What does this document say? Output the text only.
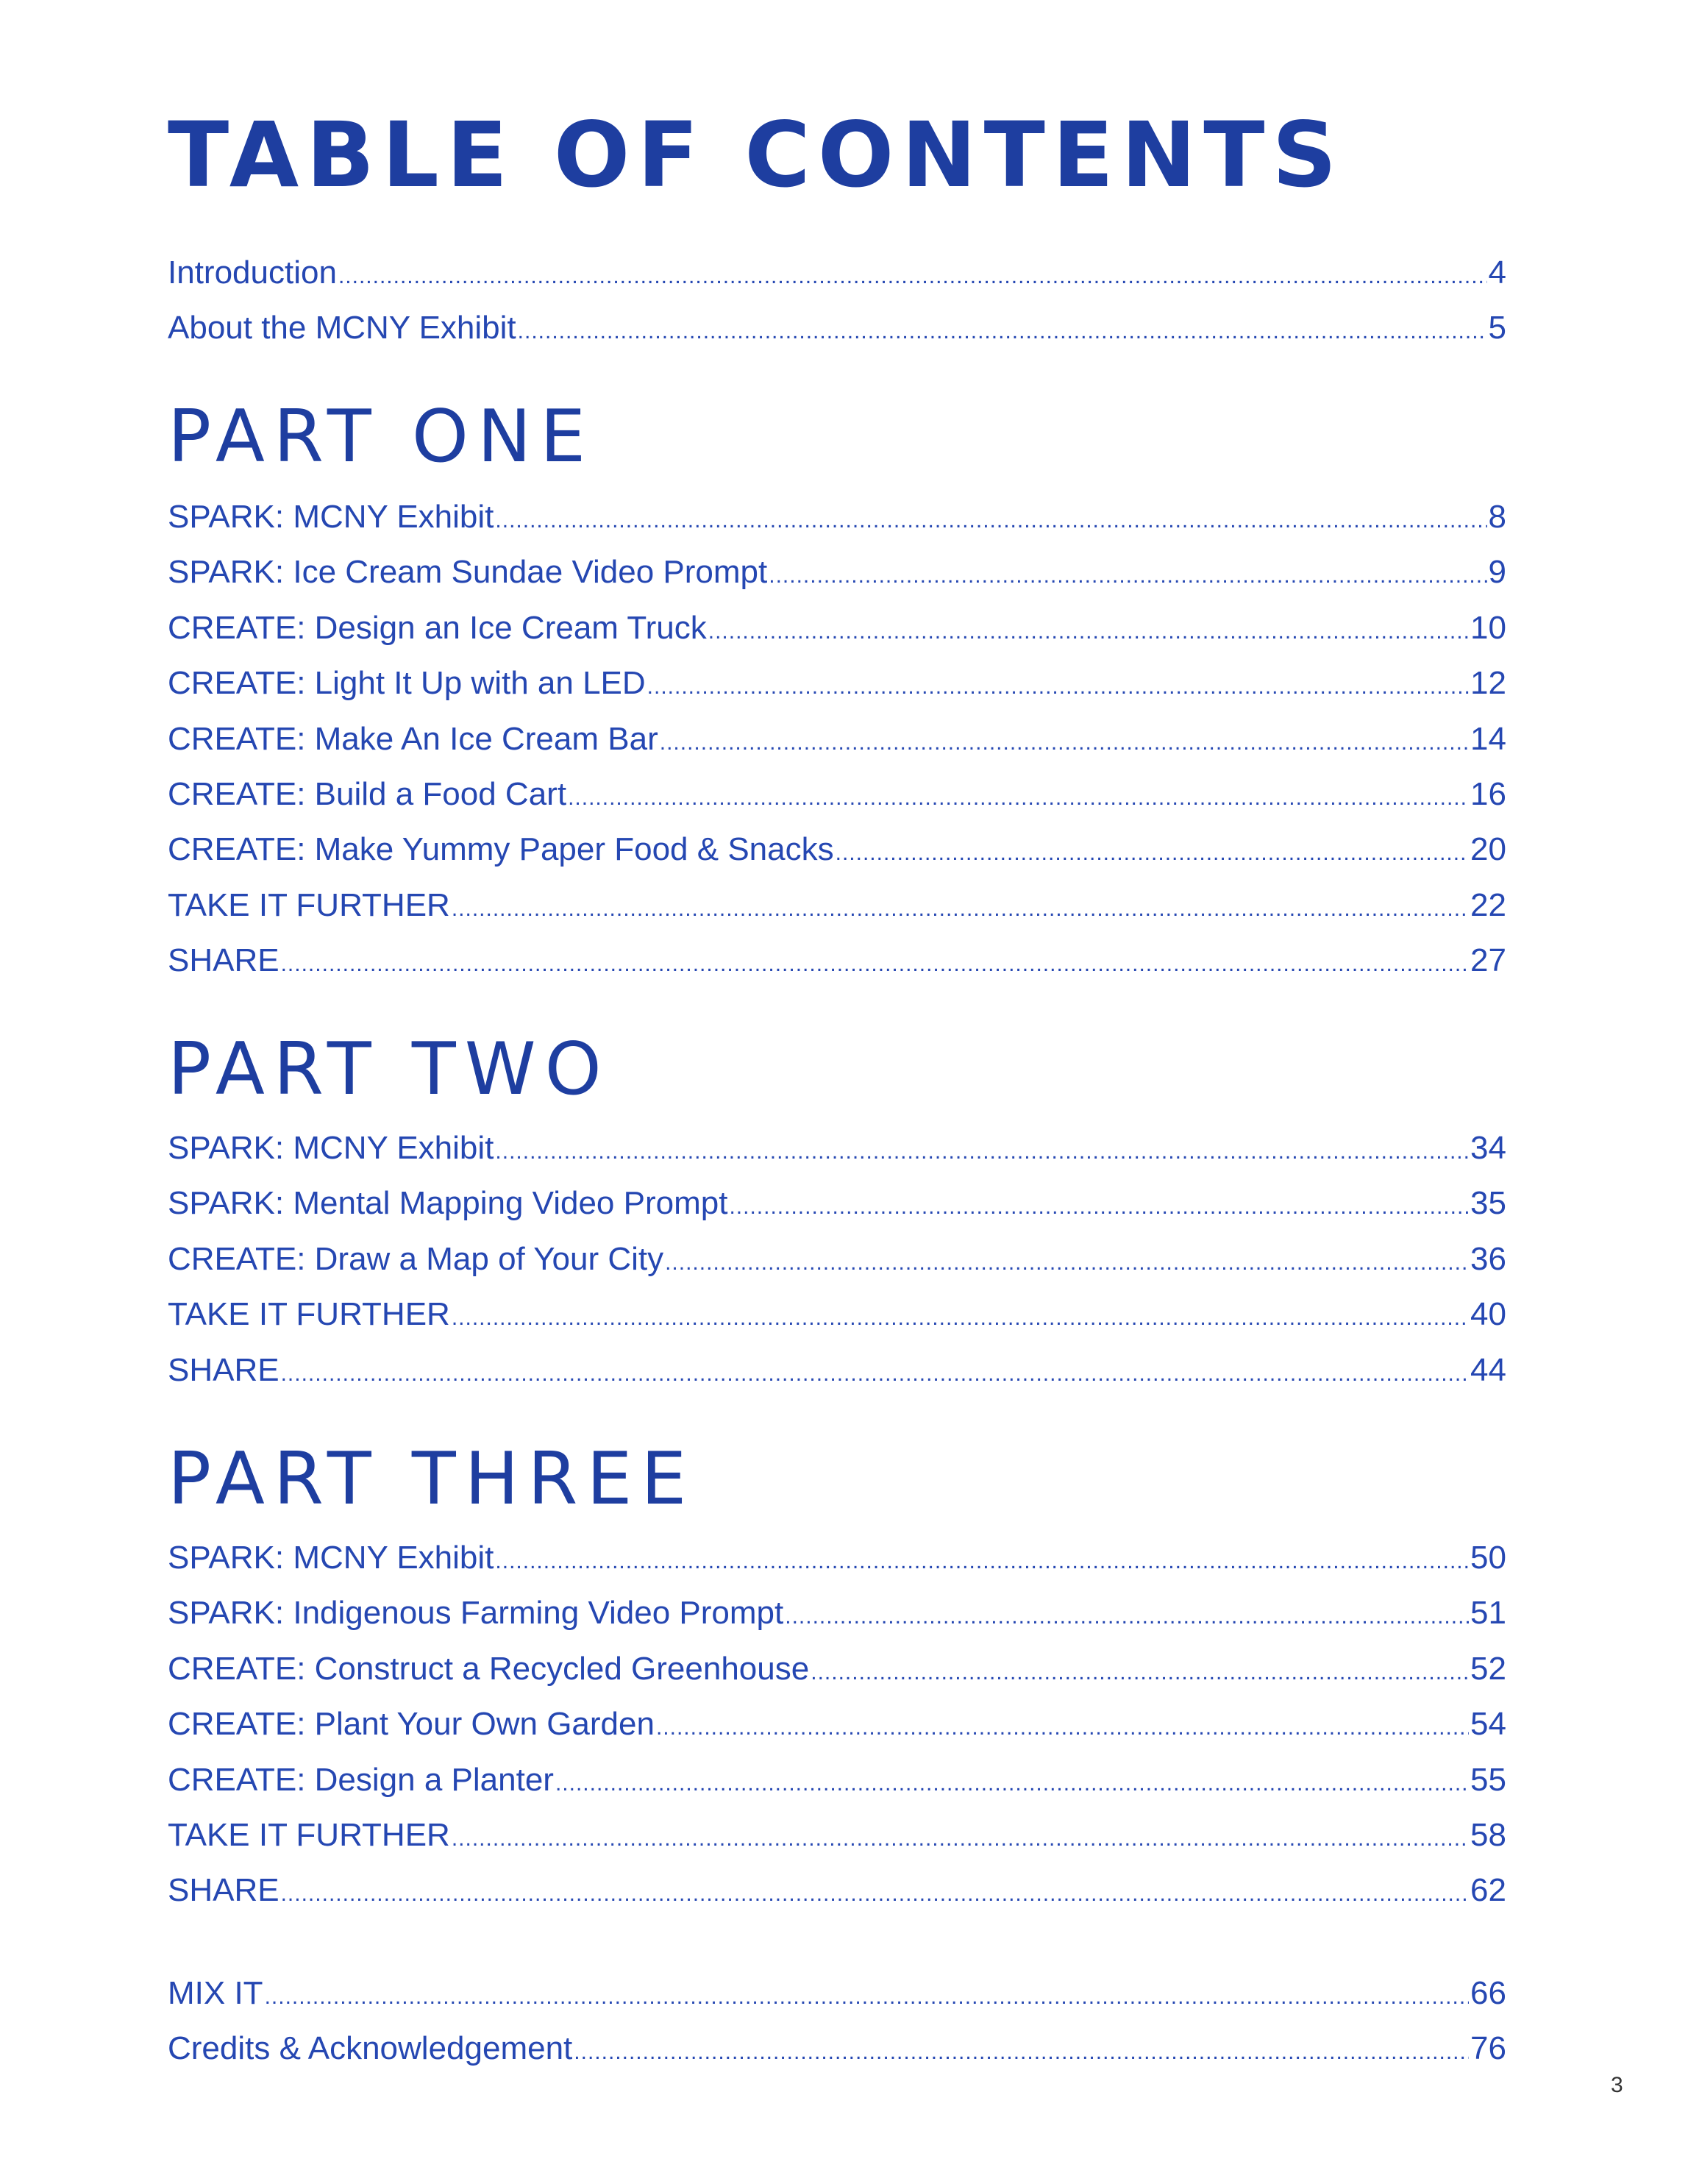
TABLE OF CONTENTS
Introduction .....	4
About the MCNY Exhibit .....	5
PART ONE
SPARK: MCNY Exhibit .....	8
SPARK: Ice Cream Sundae Video Prompt .....	9
CREATE: Design an Ice Cream Truck .....	10
CREATE: Light It Up with an LED .....	12
CREATE: Make An Ice Cream Bar .....	14
CREATE: Build a Food Cart .....	16
CREATE: Make Yummy Paper Food & Snacks .....	20
TAKE IT FURTHER .....	22
SHARE .....	27
PART TWO
SPARK: MCNY Exhibit .....	34
SPARK: Mental Mapping Video Prompt .....	35
CREATE: Draw a Map of Your City .....	36
TAKE IT FURTHER .....	40
SHARE .....	44
PART THREE
SPARK: MCNY Exhibit .....	50
SPARK: Indigenous Farming Video Prompt .....	51
CREATE: Construct a Recycled Greenhouse .....	52
CREATE: Plant Your Own Garden .....	54
CREATE: Design a Planter .....	55
TAKE IT FURTHER .....	58
SHARE .....	62
MIX IT .....	66
Credits & Acknowledgement .....	76
3
